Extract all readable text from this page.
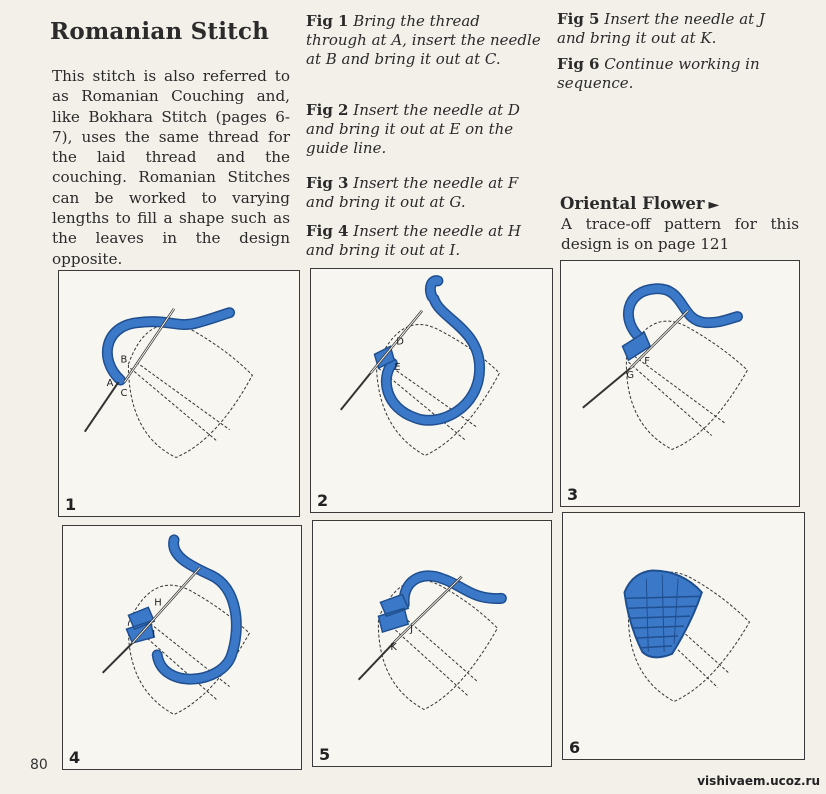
Romanian Stitch
This stitch is also referred to as Romanian Couching and, like Bokhara Stitch (pages 6-7), uses the same thread for the laid thread and the couching. Romanian Stitches can be worked to varying lengths to fill a shape such as the leaves in the design opposite.
Fig 1 Bring the thread through at A, insert the needle at B and bring it out at C.
Fig 2 Insert the needle at D and bring it out at E on the guide line.
Fig 3 Insert the needle at F and bring it out at G.
Fig 4 Insert the needle at H and bring it out at I.
Fig 5 Insert the needle at J and bring it out at K.
Fig 6 Continue working in sequence.
Oriental Flower ►
A trace-off pattern for this design is on page 121
B
A
C
1
D
E
2
F
G
3
H
I
4
J
K
5	6
80
vishivaem.ucoz.ru
